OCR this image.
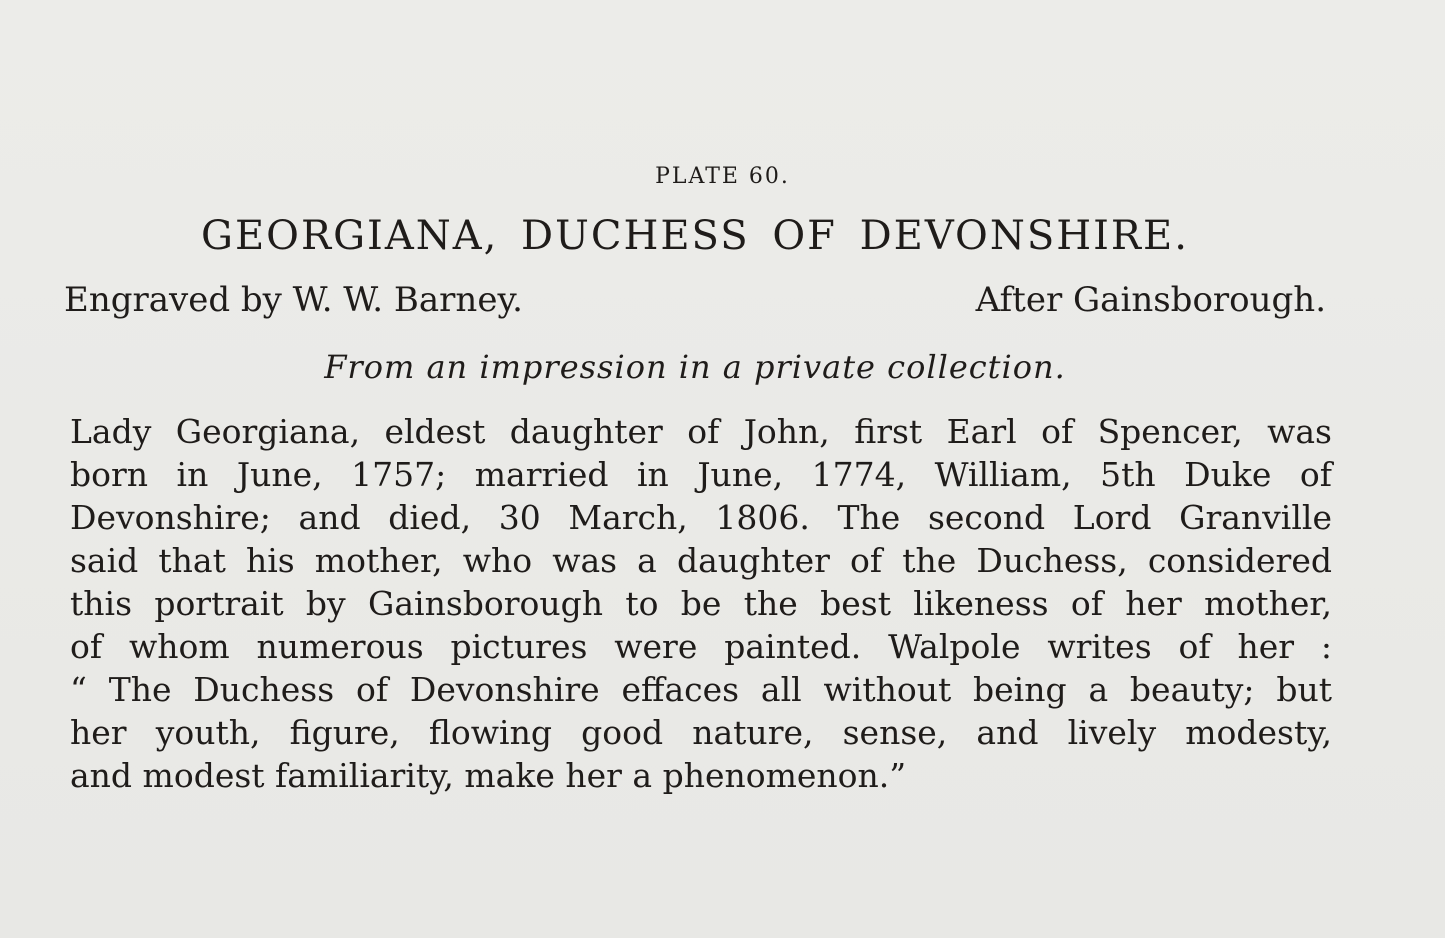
PLATE 60.
GEORGIANA, DUCHESS OF DEVONSHIRE.
Engraved by W. W. Barney.	After Gainsborough.
From an impression in a private collection.
Lady Georgiana, eldest daughter of John, first Earl of Spencer, was
born in June, 1757; married in June, 1774, William, 5th Duke of
Devonshire; and died, 30 March, 1806. The second Lord Granville
said that his mother, who was a daughter of the Duchess, considered
this portrait by Gainsborough to be the best likeness of her mother,
of whom numerous pictures were painted. Walpole writes of her :
“ The Duchess of Devonshire effaces all without being a beauty; but
her youth, figure, flowing good nature, sense, and lively modesty,
and modest familiarity, make her a phenomenon.”
